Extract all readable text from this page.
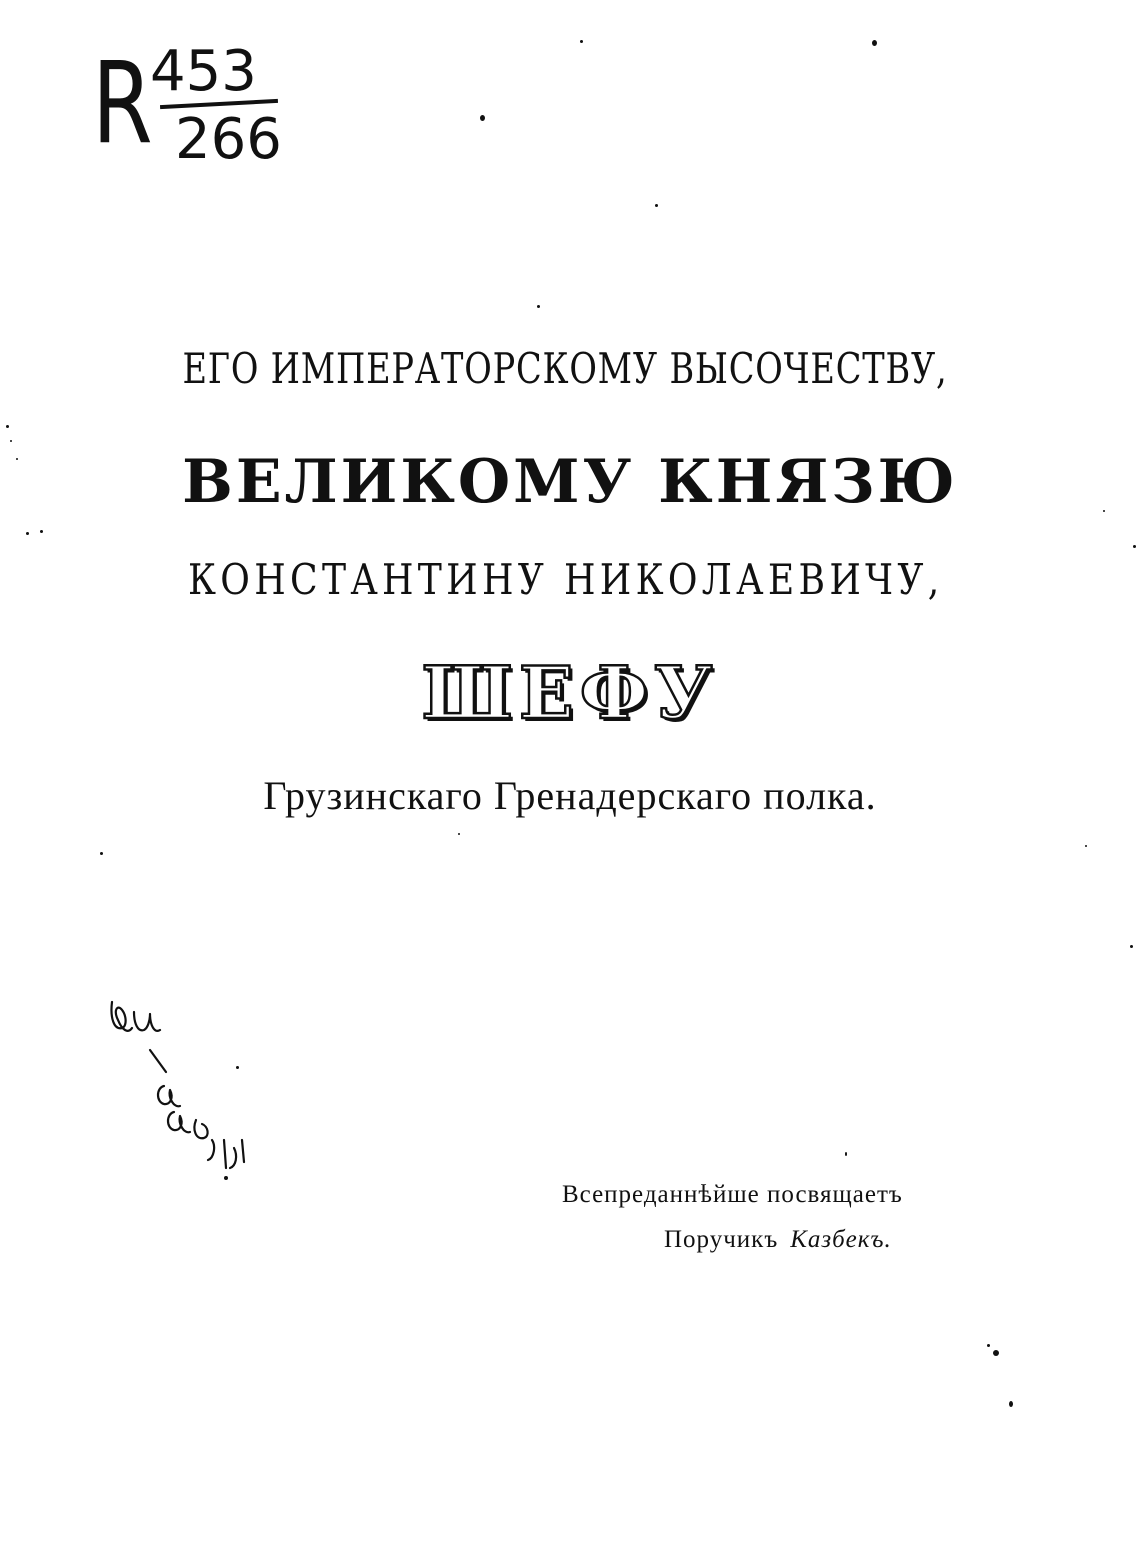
R
453
266
ЕГО ИМПЕРАТОРСКОМУ ВЫСОЧЕСТВУ,
ВЕЛИКОМУ КНЯЗЮ
КОНСТАНТИНУ НИКОЛАЕВИЧУ,
ШЕФУ
Грузинскаго Гренадерскаго полка.
Всепреданнѣйше посвящаетъ
Поручикъ Казбекъ.
